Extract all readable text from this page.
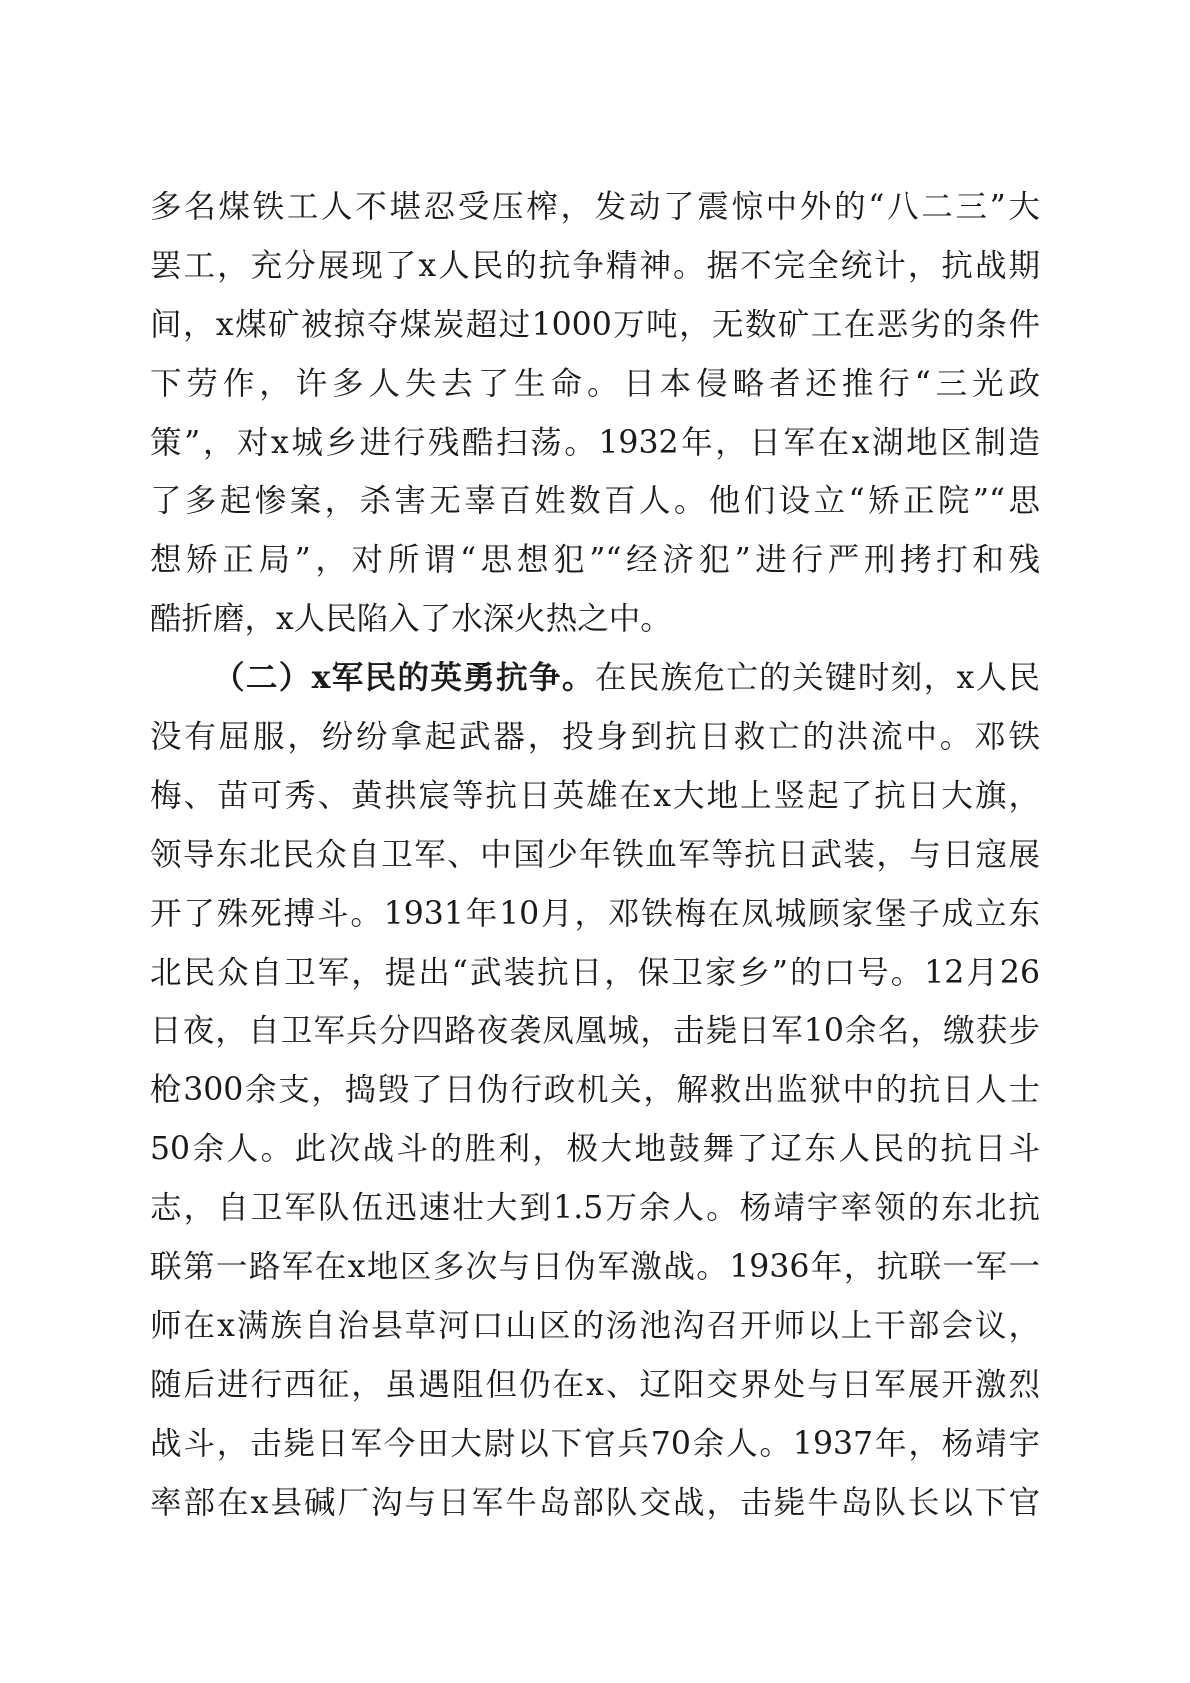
多名煤铁工人不堪忍受压榨，发动了震惊中外的“八二三”大
罢工，充分展现了x人民的抗争精神。据不完全统计，抗战期
间，x煤矿被掠夺煤炭超过1000万吨，无数矿工在恶劣的条件
下劳作，许多人失去了生命。日本侵略者还推行“三光政
策”，对x城乡进行残酷扫荡。1932年，日军在x湖地区制造
了多起惨案，杀害无辜百姓数百人。他们设立“矫正院”“思
想矫正局”，对所谓“思想犯”“经济犯”进行严刑拷打和残
酷折磨，x人民陷入了水深火热之中。
（二）x军民的英勇抗争。在民族危亡的关键时刻，x人民
没有屈服，纷纷拿起武器，投身到抗日救亡的洪流中。邓铁
梅、苗可秀、黄拱宸等抗日英雄在x大地上竖起了抗日大旗，
领导东北民众自卫军、中国少年铁血军等抗日武装，与日寇展
开了殊死搏斗。1931年10月，邓铁梅在凤城顾家堡子成立东
北民众自卫军，提出“武装抗日，保卫家乡”的口号。12月26
日夜，自卫军兵分四路夜袭凤凰城，击毙日军10余名，缴获步
枪300余支，捣毁了日伪行政机关，解救出监狱中的抗日人士
50余人。此次战斗的胜利，极大地鼓舞了辽东人民的抗日斗
志，自卫军队伍迅速壮大到1.5万余人。杨靖宇率领的东北抗
联第一路军在x地区多次与日伪军激战。1936年，抗联一军一
师在x满族自治县草河口山区的汤池沟召开师以上干部会议，
随后进行西征，虽遇阻但仍在x、辽阳交界处与日军展开激烈
战斗，击毙日军今田大尉以下官兵70余人。1937年，杨靖宇
率部在x县碱厂沟与日军牛岛部队交战，击毙牛岛队长以下官
